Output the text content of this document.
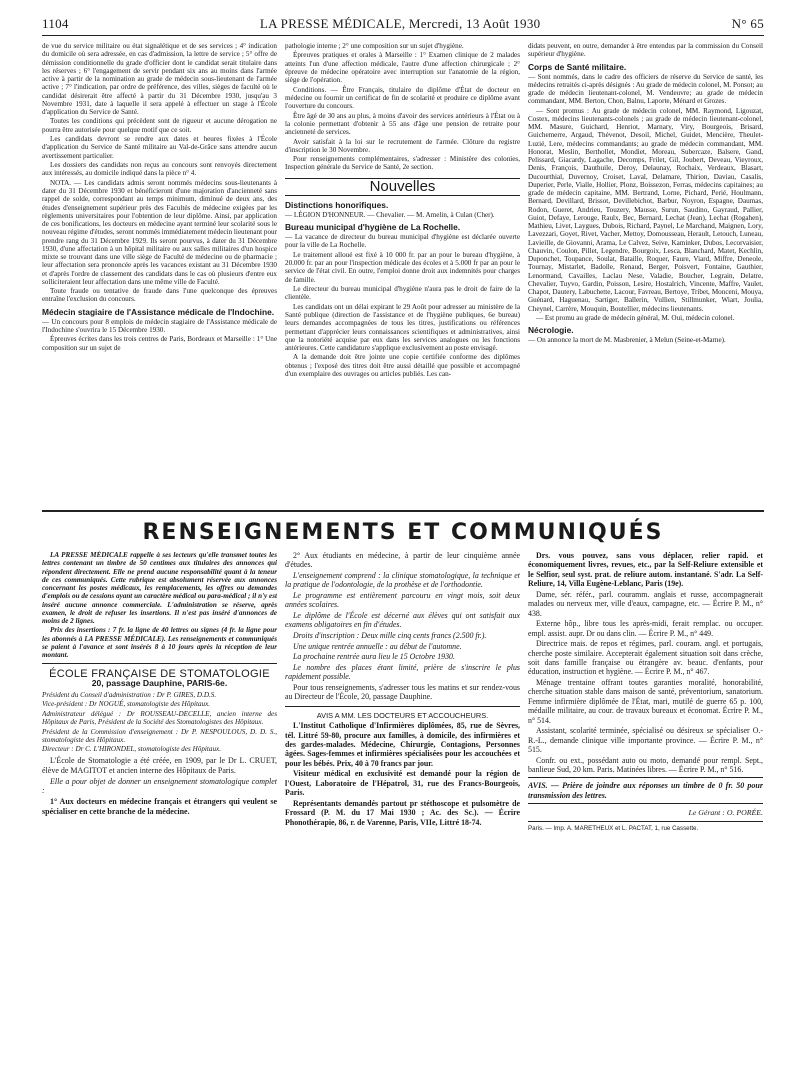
1104	LA PRESSE MÉDICALE, Mercredi, 13 Août 1930	N° 65

de vue du service militaire ou état signalétique et de ses services ; 4° indication du domicile où sera adressée, en cas d'admission, la lettre de service ; 5° offre de démission conditionnelle du grade d'officier dont le candidat serait titulaire dans les réserves ; 6° l'engagement de servir pendant six ans au moins dans l'armée active à partir de la nomination au grade de médecin sous-lieutenant de l'armée active ; 7° l'indication, par ordre de préférence, des villes, sièges de faculté où le candidat désirerait être affecté à partir du 31 Décembre 1930, jusqu'au 3 Novembre 1931, date à laquelle il sera appelé à effectuer un stage à l'École d'application du Service de Santé.

Toutes les conditions qui précèdent sont de rigueur et aucune dérogation ne pourra être autorisée pour quelque motif que ce soit.

Les candidats devront se rendre aux dates et heures fixées à l'École d'application du Service de Santé militaire au Val-de-Grâce sans attendre aucun avertissement particulier.

Les dossiers des candidats non reçus au concours sont renvoyés directement aux intéressés, au domicile indiqué dans la pièce n° 4.

NOTA. — Les candidats admis seront nommés médecins sous-lieutenants à dater du 31 Décembre 1930 et bénéficieront d'une majoration d'ancienneté sans rappel de solde, correspondant au temps minimum, diminué de deux ans, des études d'enseignement supérieur près des Facultés de médecine exigées par les règlements universitaires pour l'obtention de leur diplôme. Ainsi, par application de ces bonifications, les docteurs en médecine ayant terminé leur scolarité sous le nouveau régime d'études, seront nommés immédiatement médecin lieutenant pour prendre rang du 31 Décembre 1929. Ils seront pourvus, à dater du 31 Décembre 1930, d'une affectation à un hôpital militaire ou aux salles militaires d'un hospice mixte se trouvant dans une ville siège de Faculté de médecine ou de pharmacie ; leur affectation sera prononcée après les vacances existant au 31 Décembre 1930 et d'après l'ordre de classement des candidats dans le cas où plusieurs d'entre eux solliciteraient leur affectation dans une même ville de Faculté.

Toute fraude ou tentative de fraude dans l'une quelconque des épreuves entraîne l'exclusion du concours.

Médecin stagiaire de l'Assistance médicale de l'Indochine.

— Un concours pour 8 emplois de médecin stagiaire de l'Assistance médicale de l'Indochine s'ouvrira le 15 Décembre 1930.

Épreuves écrites dans les trois centres de Paris, Bordeaux et Marseille : 1° Une composition sur un sujet de

pathologie interne ; 2° une composition sur un sujet d'hygiène.

Épreuves pratiques et orales à Marseille : 1° Examen clinique de 2 malades atteints l'un d'une affection médicale, l'autre d'une affection chirurgicale ; 2° épreuve de médecine opératoire avec interruption sur l'anatomie de la région, siège de l'opération.

Conditions. — Être Français, titulaire du diplôme d'État de docteur en médecine ou fournir un certificat de fin de scolarité et produire ce diplôme avant l'ouverture du concours.

Être âgé de 30 ans au plus, à moins d'avoir des services antérieurs à l'État ou à la colonie permettant d'obtenir à 55 ans d'âge une pension de retraite pour ancienneté de services.

Avoir satisfait à la loi sur le recrutement de l'armée. Clôture du registre d'inscription le 30 Novembre.

Pour renseignements complémentaires, s'adresser : Ministère des colonies, Inspection générale du Service de Santé, 2e section.

Nouvelles
Distinctions honorifiques.

— LÉGION D'HONNEUR. — Chevalier. — M. Amelin, à Culan (Cher).

Bureau municipal d'hygiène de La Rochelle.

— La vacance de directeur du bureau municipal d'hygiène est déclarée ouverte pour la ville de La Rochelle.

Le traitement alloué est fixé à 10 000 fr. par an pour le bureau d'hygiène, à 20.000 fr. par an pour l'inspection médicale des écoles et à 5.000 fr par an pour le service de l'état civil. En outre, l'emploi donne droit aux indemnités pour charges de famille.

Le directeur du bureau municipal d'hygiène n'aura pas le droit de faire de la clientèle.

Les candidats ont un délai expirant le 29 Août pour adresser au ministère de la Santé publique (direction de l'assistance et de l'hygiène publiques, 6e bureau) leurs demandes accompagnées de tous les titres, justifications ou références permettant d'apprécier leurs connaissances scientifiques et administratives, ainsi que la notoriété acquise par eux dans les services analogues ou les fonctions antérieures. Cette candidature s'applique exclusivement au poste envisagé.

A la demande doit être jointe une copie certifiée conforme des diplômes obtenus ; l'exposé des titres doit être aussi détaillé que possible et accompagné d'un exemplaire des ouvrages ou articles publiés. Les can-

didats peuvent, en outre, demander à être entendus par la commission du Conseil supérieur d'hygiène.

Corps de Santé militaire.

— Sont nommés, dans le cadre des officiers de réserve du Service de santé, les médecins retraités ci-après désignés : Au grade de médecin colonel, M. Ponsot; au grade de médecin lieutenant-colonel, M. Vendeuvre; au grade de médecin commandant, MM. Berton, Chon, Balnu, Laporte, Ménard et Grozes.

— Sont promus : Au grade de médecin colonel, MM. Raymond, Ligouzat, Costex, médecins lieutenants-colonels ; au grade de médecin lieutenant-colonel, MM. Masure, Guichard, Henriot, Marnary, Viry, Bourgeois, Brisard, Guichemerre, Argaud, Thévenot, Desoil, Michel, Guidet, Mencière, Theulet-Luzié, Lere, médecins commandants; au grade de médecin commandant, MM. Honorat, Meslin, Berthollet, Mondiet, Moreau, Subercaze, Balsere, Gand, Pelissard, Giacardy, Lagache, Decomps, Frilet, Gil, Joubert, Deveau, Vieyroux, Denis, François, Dauthuile, Deroy, Delaunay, Rochaix, Verdeaux, Blasart, Ducourthial, Duvernoy, Croiset, Laval, Delamare, Thirion, Daviau, Casalis, Duperier, Perle, Vialle, Hollier, Plonz, Boissezon, Ferras, médecins capitaines; au grade de médecin capitaine, MM. Bertrand, Lorne, Pichard, Perié, Houlmann, Bernard, Devillard, Brissot, Devillebichot, Barbur, Noyron, Espagne, Daumas, Rodon, Gueret, Andrieu, Touzery, Mausse, Surun, Saudino, Gayraud, Pallier, Guiot, Defaye, Lerouge, Raulx, Bec, Bernard, Lechat (Jean), Lechat (Rogahen), Mathieu, Livet, Laygues, Dubois, Richard, Paynel, Le Marchand, Maignen, Lory, Lavezzari, Goyet, Rivet, Vacher, Mettoy, Domousseau, Herault, Letouch, Luneau, Lavieille, de Giovanni, Arama, Le Calvez, Seive, Kaminker, Dubos, Lecorvaisier, Chauvin, Coulon, Pillet, Legendre, Bourgoix, Lesca, Blanchard, Matet, Kechlin, Duponchet, Toupance, Soulat, Bataille, Roquer, Faure, Viard, Miffre, Deneole, Tournay, Mistarlet, Badolle, Renaud, Berger, Poisvert, Fontaine, Gauthier, Lenormand, Cavailles, Laclau Nese, Valadie, Boucher, Legrain, Delatre, Chevalier, Tuyvo, Gardin, Poisson, Lesire, Hostalrich, Vincente, Maffre, Vaulet, Chapot, Dautery, Labuchette, Lacour, Favreau, Bertoye, Tribet, Monceni, Mouya, Guénard, Haguenau, Sartiger, Ballerin, Vullien, Stillmunker, Wiart, Joulia, Cheynel, Carrère, Mouquin, Boutellier, médecins lieutenants.

— Est promu au grade de médecin général, M. Oui, médecin colonel.

Nécrologie.

— On annonce la mort de M. Masbrenier, à Melun (Seine-et-Marne).

RENSEIGNEMENTS ET COMMUNIQUÉS

LA PRESSE MÉDICALE rappelle à ses lecteurs qu'elle transmet toutes les lettres contenant un timbre de 50 centimes aux titulaires des annonces qui répondent directement. Elle ne prend aucune responsabilité quant à la teneur de ces communiqués. Cette rubrique est absolument réservée aux annonces concernant les postes médicaux, les remplacements, les offres ou demandes d'emplois ou de cessions ayant un caractère médical ou para-médical ; il n'y est inséré aucune annonce commerciale. L'administration se réserve, après examen, le droit de refuser les insertions. Il n'est pas inséré d'annonces de moins de 2 lignes.

Prix des insertions : 7 fr. la ligne de 40 lettres ou signes (4 fr. la ligne pour les abonnés à LA PRESSE MÉDICALE). Les renseignements et communiqués se paient à l'avance et sont insérés 8 à 10 jours après la réception de leur montant.

ÉCOLE FRANÇAISE DE STOMATOLOGIE
20, passage Dauphine, PARIS-6e.

Président du Conseil d'administration : Dr P. GIRES, D.D.S.

Vice-président : Dr NOGUÉ, stomatologiste des Hôpitaux.

Administrateur délégué : Dr ROUSSEAU-DECELLE, ancien interne des Hôpitaux de Paris, Président de la Société des Stomatologistes des Hôpitaux.

Président de la Commission d'enseignement : Dr P. NESPOULOUS, D. D. S., stomatologiste des Hôpitaux.

Directeur : Dr C. L'HIRONDEL, stomatologiste des Hôpitaux.

L'École de Stomatologie a été créée, en 1909, par le Dr L. CRUET, élève de MAGITOT et ancien interne des Hôpitaux de Paris.

Elle a pour objet de donner un enseignement stomatologique complet :

1° Aux docteurs en médecine français et étrangers qui veulent se spécialiser en cette branche de la médecine.

2° Aux étudiants en médecine, à partir de leur cinquième année d'études.

L'enseignement comprend : la clinique stomatologique, la technique et la pratique de l'odontologie, de la prothèse et de l'orthodontie.

Le programme est entièrement parcouru en vingt mois, soit deux années scolaires.

Le diplôme de l'École est décerné aux élèves qui ont satisfait aux examens obligatoires en fin d'études.

Droits d'inscription : Deux mille cinq cents francs (2.500 fr.).

Une unique rentrée annuelle : au début de l'automne.

La prochaine rentrée aura lieu le 15 Octobre 1930.

Le nombre des places étant limité, prière de s'inscrire le plus rapidement possible.

Pour tous renseignements, s'adresser tous les matins et sur rendez-vous au Directeur de l'École, 20, passage Dauphine.

AVIS A MM. LES DOCTEURS ET ACCOUCHEURS.

L'Institut Catholique d'Infirmières diplômées, 85, rue de Sèvres, tél. Littré 59-80, procure aux familles, à domicile, des infirmières et des gardes-malades. Médecine, Chirurgie, Contagions, Personnes âgées. Sages-femmes et infirmières spécialisées pour les accouchées et pour les bébés. Prix, 40 à 70 francs par jour.

Visiteur médical en exclusivité est demandé pour la région de l'Ouest, Laboratoire de l'Hépatrol, 31, rue des Francs-Bourgeois, Paris.

Représentants demandés partout pr stéthoscope et pulsomètre de Frossard (P. M. du 17 Mai 1930 ; Ac. des Sc.). — Écrire Phonothérapie, 86, r. de Varenne, Paris, VIIe, Littré 18-74.

Drs. vous pouvez, sans vous déplacer, relier rapid. et économiquement livres, revues, etc., par la Self-Reliure extensible et le Selfior, seul syst. prat. de reliure autom. instantané. S'adr. La Self-Reliure, 14, Villa Eugène-Leblanc, Paris (19e).

Dame, sér. référ., parl. couramm. anglais et russe, accompagnerait malades ou nerveux mer, ville d'eaux, campagne, etc. — Écrire P. M., n° 438.

Externe hôp., libre tous les après-midi, ferait remplac. ou occuper. empl. assist. aupr. Dr ou dans clin. — Écrire P. M., n° 449.

Directrice mais. de repos et régimes, parl. couram. angl. et portugais, cherche poste similaire. Accepterait également situation soit dans crèche, soit dans famille française ou étrangère av. beauc. d'enfants, pour éducation, instruction et hygiène. — Écrire P. M., n° 467.

Ménage trentaine offrant toutes garanties moralité, honorabilité, cherche situation stable dans maison de santé, préventorium, sanatorium. Femme infirmière diplômée de l'État, mari, mutilé de guerre 65 p. 100, médaille militaire, au cour. de travaux bureaux et économat. Écrire P. M., n° 514.

Assistant, scolarité terminée, spécialisé ou désireux se spécialiser O.-R.-L., demande clinique ville importante province. — Écrire P. M., n° 515.

Confr. ou ext., possédant auto ou moto, demandé pour rempl. Sept., banlieue Sud, 20 km. Paris. Matinées libres. — Écrire P. M., n° 516.

AVIS. — Prière de joindre aux réponses un timbre de 0 fr. 50 pour transmission des lettres.
Le Gérant : O. PORÉE.
Paris. — Imp. A. MARETHEUX et L. PACTAT, 1, rue Cassette.
